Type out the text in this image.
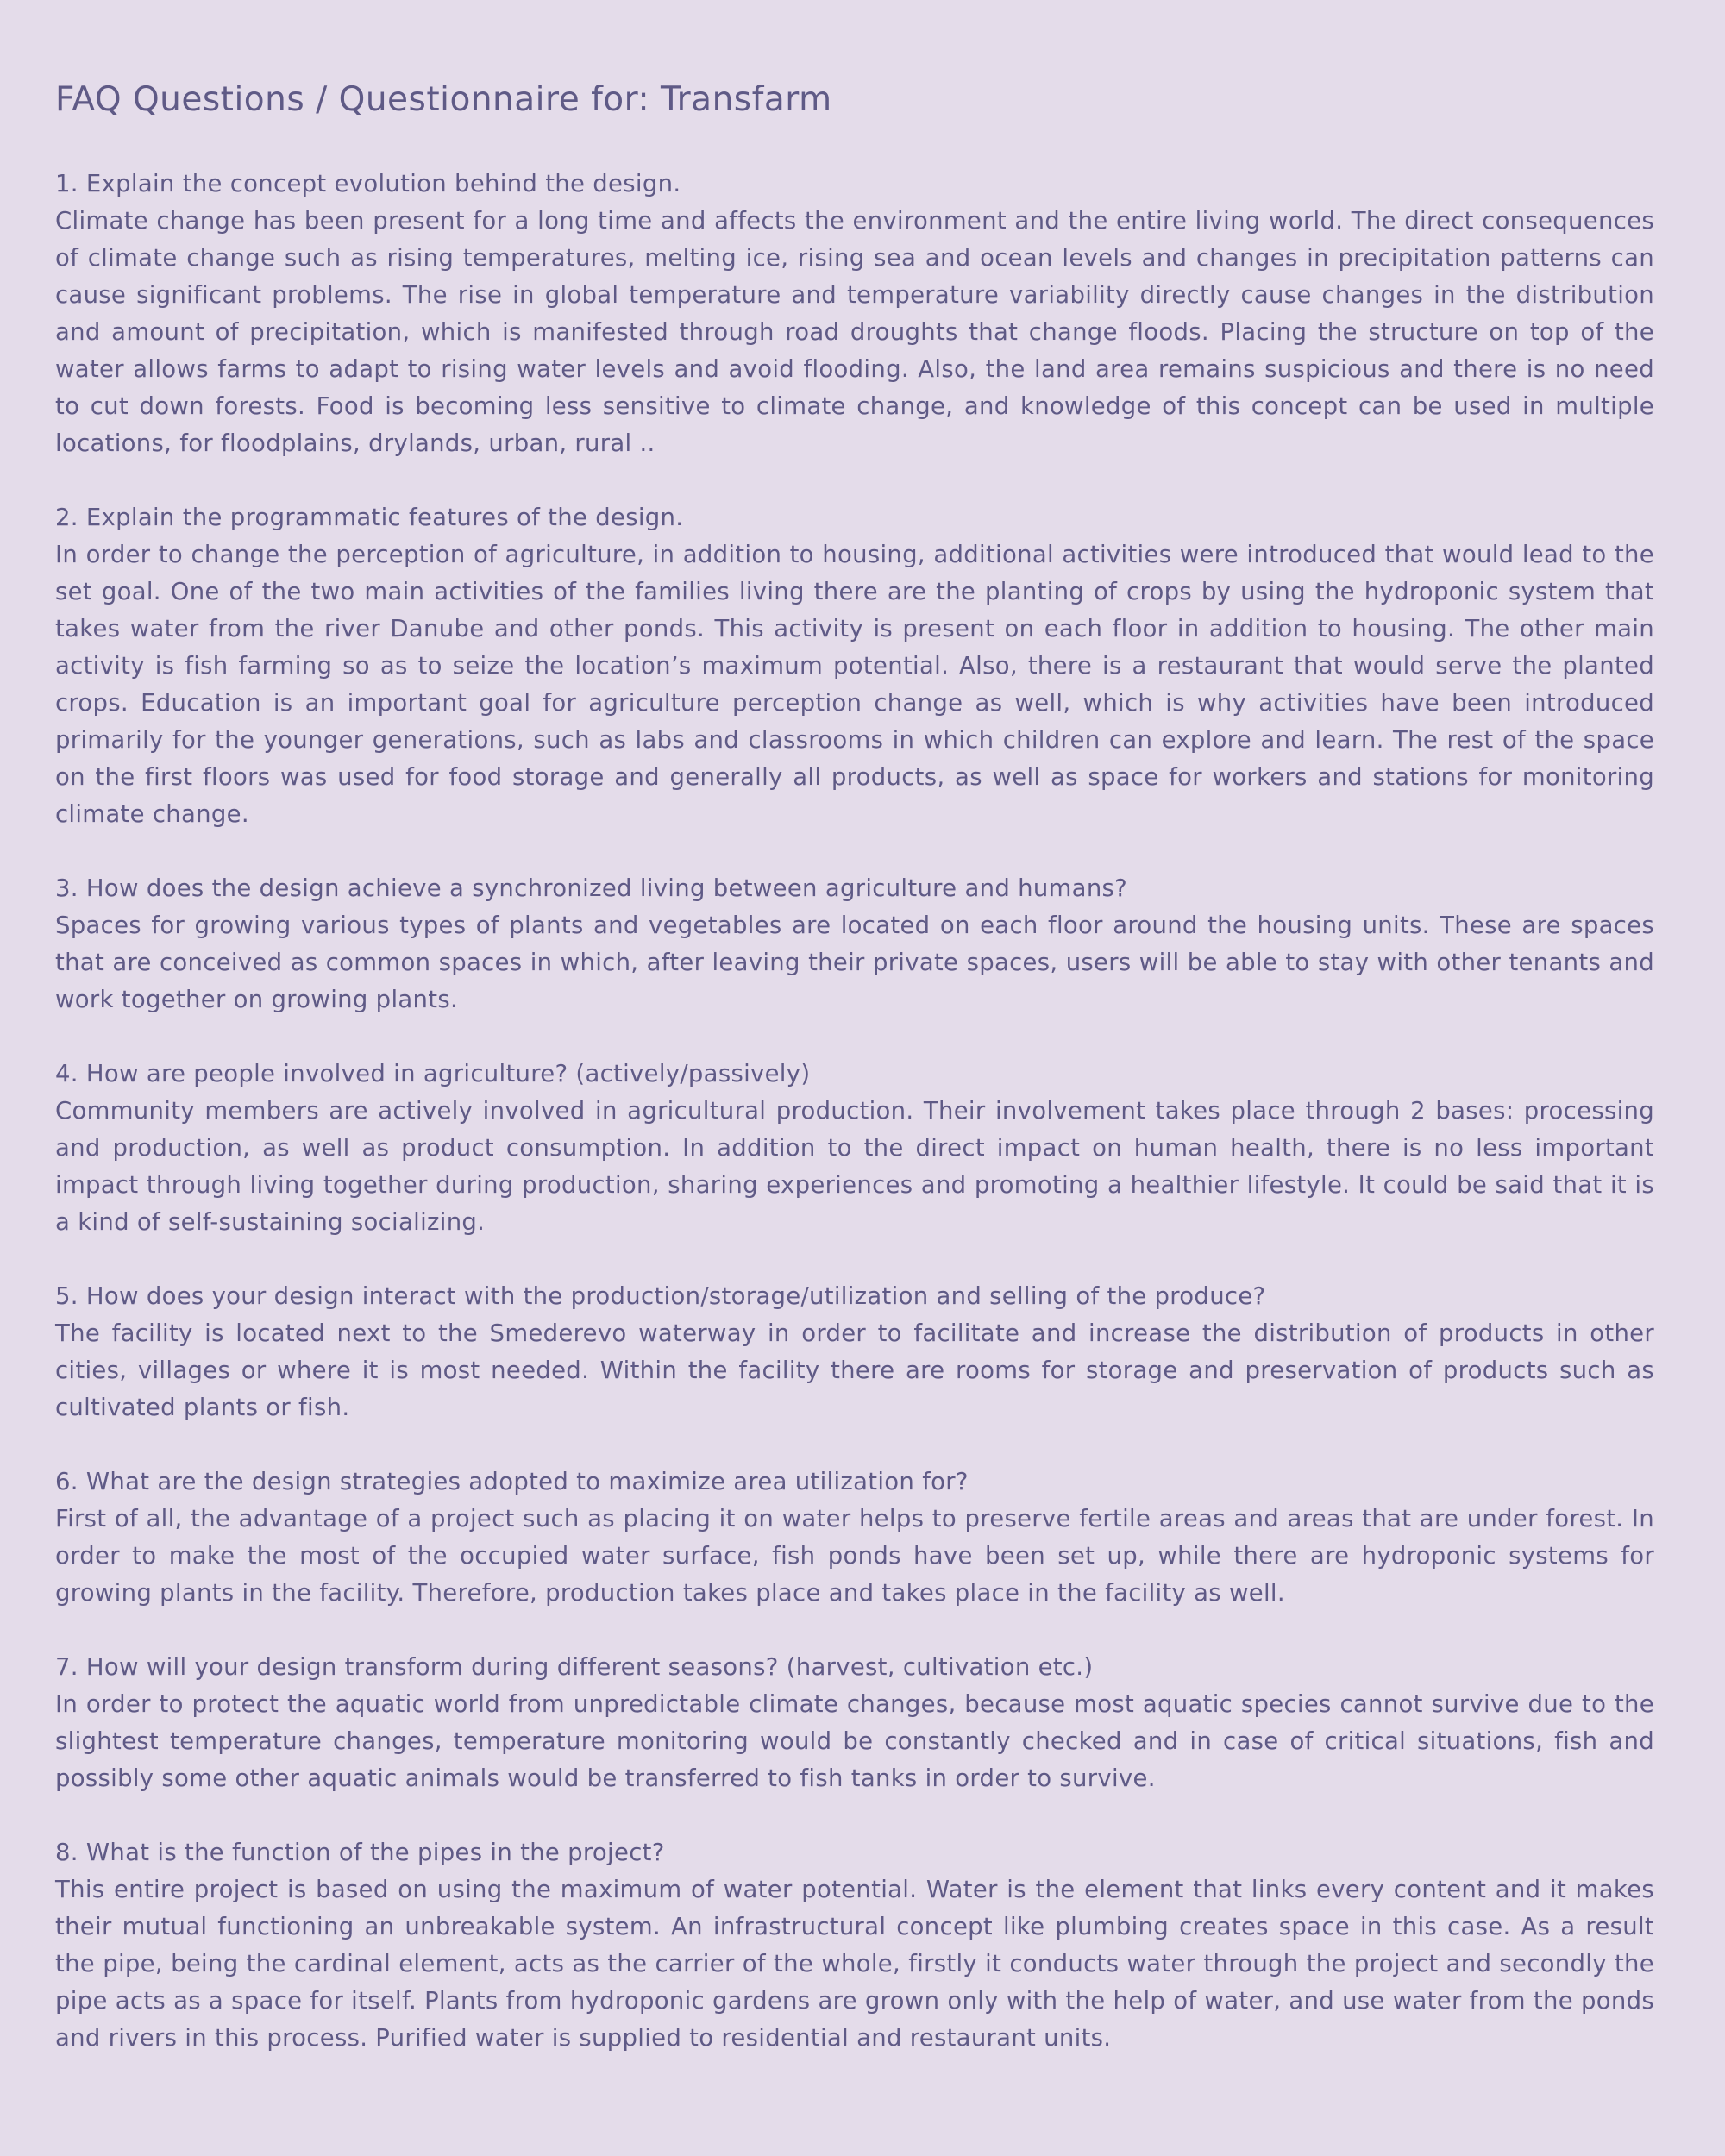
FAQ Questions / Questionnaire for: Transfarm

1. Explain the concept evolution behind the design.

Climate change has been present for a long time and affects the environment and the entire living world. The direct consequences of climate change such as rising temperatures, melting ice, rising sea and ocean levels and changes in precipitation patterns can cause significant problems. The rise in global temperature and temperature variability directly cause changes in the distribution and amount of precipitation, which is manifested through road droughts that change floods. Placing the structure on top of the water allows farms to adapt to rising water levels and avoid flooding. Also, the land area remains suspicious and there is no need to cut down forests. Food is becoming less sensitive to climate change, and knowledge of this concept can be used in multiple locations, for floodplains, drylands, urban, rural ..

2. Explain the programmatic features of the design.

In order to change the perception of agriculture, in addition to housing, additional activities were introduced that would lead to the set goal. One of the two main activities of the families living there are the planting of crops by using the hydroponic system that takes water from the river Danube and other ponds. This activity is present on each floor in addition to housing. The other main activity is fish farming so as to seize the location’s maximum potential. Also, there is a restaurant that would serve the planted crops. Education is an important goal for agriculture perception change as well, which is why activities have been introduced primarily for the younger generations, such as labs and classrooms in which children can explore and learn. The rest of the space on the first floors was used for food storage and generally all products, as well as space for workers and stations for monitoring climate change.

3. How does the design achieve a synchronized living between agriculture and humans?

Spaces for growing various types of plants and vegetables are located on each floor around the housing units. These are spaces that are conceived as common spaces in which, after leaving their private spaces, users will be able to stay with other tenants and work together on growing plants.

4. How are people involved in agriculture? (actively/passively)

Community members are actively involved in agricultural production. Their involvement takes place through 2 bases: processing and production, as well as product consumption. In addition to the direct impact on human health, there is no less important impact through living together during production, sharing experiences and promoting a healthier lifestyle. It could be said that it is a kind of self-sustaining socializing.

5. How does your design interact with the production/storage/utilization and selling of the produce?

The facility is located next to the Smederevo waterway in order to facilitate and increase the distribution of products in other cities, villages or where it is most needed. Within the facility there are rooms for storage and preservation of products such as cultivated plants or fish.

6. What are the design strategies adopted to maximize area utilization for?

First of all, the advantage of a project such as placing it on water helps to preserve fertile areas and areas that are under forest. In order to make the most of the occupied water surface, fish ponds have been set up, while there are hydroponic systems for growing plants in the facility. Therefore, production takes place and takes place in the facility as well.

7. How will your design transform during different seasons? (harvest, cultivation etc.)

In order to protect the aquatic world from unpredictable climate changes, because most aquatic species cannot survive due to the slightest temperature changes, temperature monitoring would be constantly checked and in case of critical situations, fish and possibly some other aquatic animals would be transferred to fish tanks in order to survive.

8. What is the function of the pipes in the project?

This entire project is based on using the maximum of water potential. Water is the element that links every content and it makes their mutual functioning an unbreakable system. An infrastructural concept like plumbing creates space in this case. As a result the pipe, being the cardinal element, acts as the carrier of the whole, firstly it conducts water through the project and secondly the pipe acts as a space for itself. Plants from hydroponic gardens are grown only with the help of water, and use water from the ponds and rivers in this process. Purified water is supplied to residential and restaurant units.
